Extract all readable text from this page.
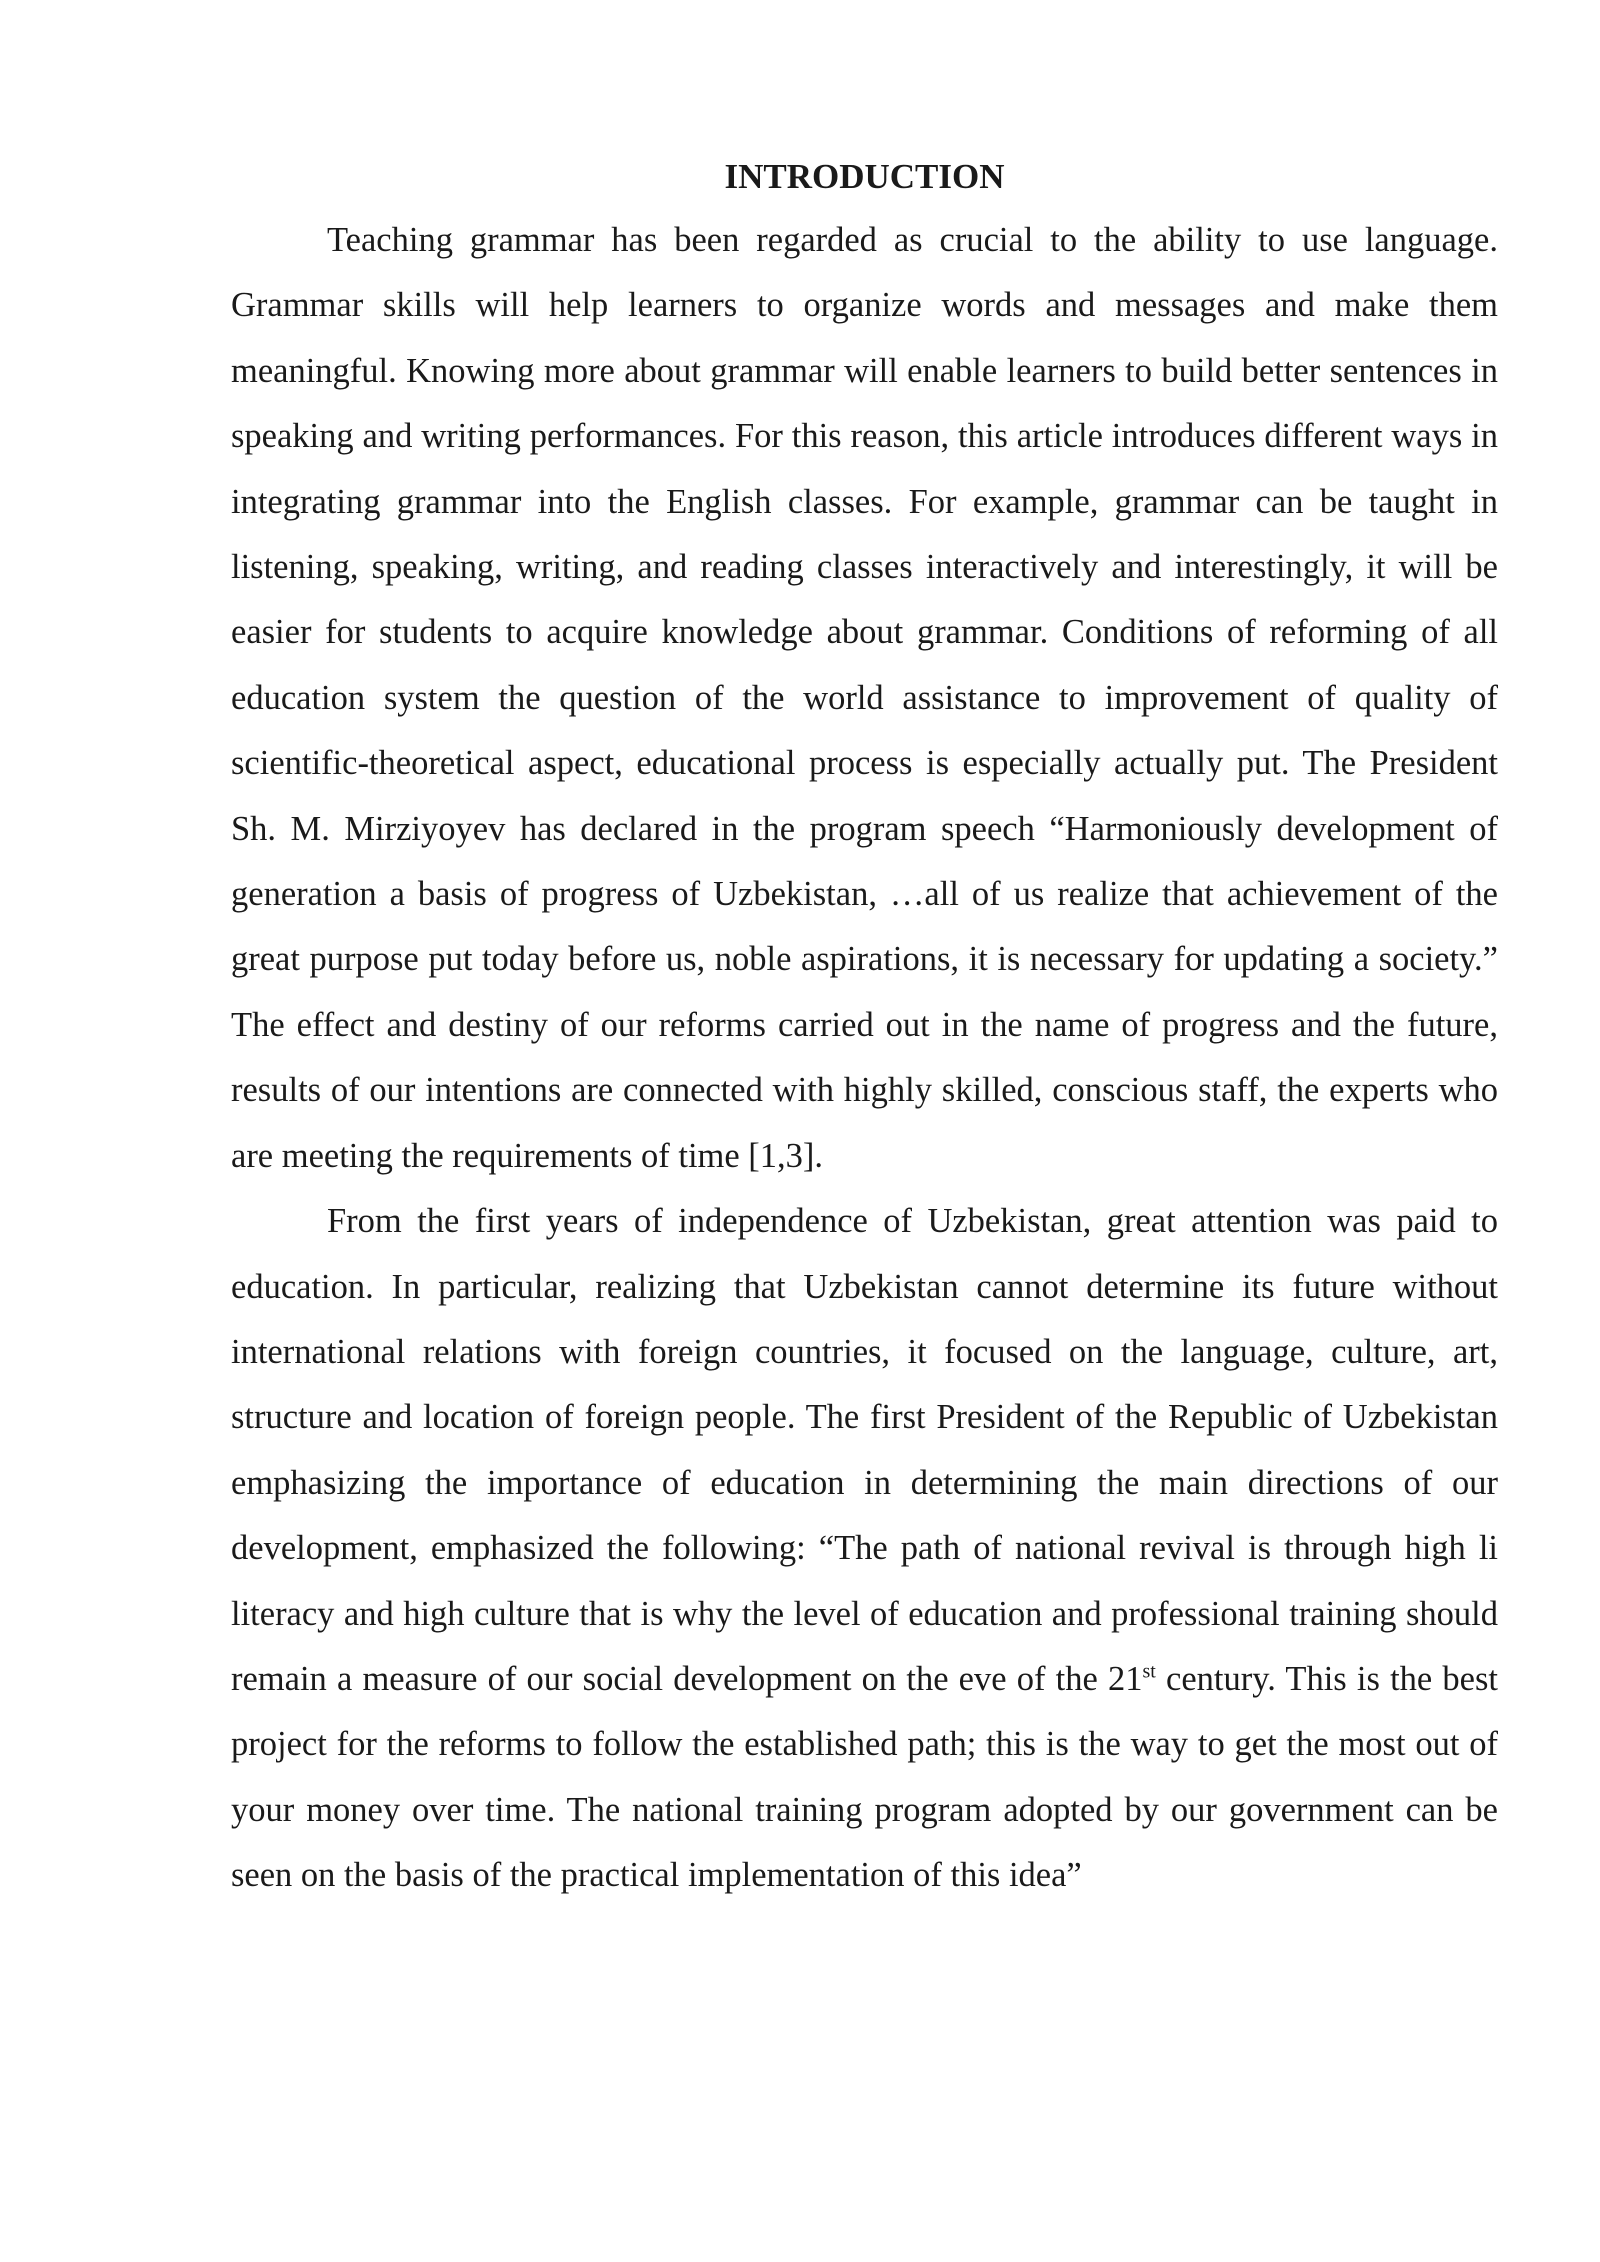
INTRODUCTION

Teaching grammar has been regarded as crucial to the ability to use language. Grammar skills will help learners to organize words and messages and make them meaningful. Knowing more about grammar will enable learners to build better sentences in speaking and writing performances. For this reason, this article introduces different ways in integrating grammar into the English classes. For example, grammar can be taught in listening, speaking, writing, and reading classes interactively and interestingly, it will be easier for students to acquire knowledge about grammar. Conditions of reforming of all education system the question of the world assistance to improvement of quality of scientific-theoretical aspect, educational process is especially actually put. The President Sh. M. Mirziyoyev has declared in the program speech “Harmoniously development of generation a basis of progress of Uzbekistan, …all of us realize that achievement of the great purpose put today before us, noble aspirations, it is necessary for updating a society.” The effect and destiny of our reforms carried out in the name of progress and the future, results of our intentions are connected with highly skilled, conscious staff, the experts who are meeting the requirements of time [1,3].

From the first years of independence of Uzbekistan, great attention was paid to education. In particular, realizing that Uzbekistan cannot determine its future without international relations with foreign countries, it focused on the language, culture, art, structure and location of foreign people. The first President of the Republic of Uzbekistan emphasizing the importance of education in determining the main directions of our development, emphasized the following: “The path of national revival is through high li literacy and high culture that is why the level of education and professional training should remain a measure of our social development on the eve of the 21st century. This is the best project for the reforms to follow the established path; this is the way to get the most out of your money over time. The national training program adopted by our government can be seen on the basis of the practical implementation of this idea”
